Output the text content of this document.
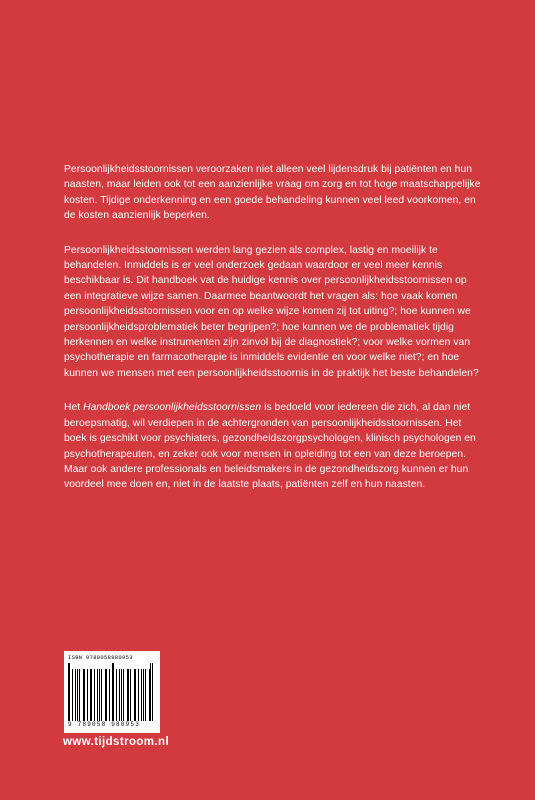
Persoonlijkheidsstoornissen veroorzaken niet alleen veel lijdensdruk bij patiënten en hun naasten, maar leiden ook tot een aanzienlijke vraag om zorg en tot hoge maatschappelijke kosten. Tijdige onderkenning en een goede behandeling kunnen veel leed voorkomen, en de kosten aanzienlijk beperken.

Persoonlijkheidsstoornissen werden lang gezien als complex, lastig en moeilijk te behandelen. Inmiddels is er veel onderzoek gedaan waardoor er veel meer kennis beschikbaar is. Dit handboek vat de huidige kennis over persoonlijkheidsstoornissen op een integratieve wijze samen. Daarmee beantwoordt het vragen als: hoe vaak komen persoonlijkheidsstoornissen voor en op welke wijze komen zij tot uiting?; hoe kunnen we persoonlijkheidsproblematiek beter begrijpen?; hoe kunnen we de problematiek tijdig herkennen en welke instrumenten zijn zinvol bij de diagnostiek?; voor welke vormen van psychotherapie en farmacotherapie is inmiddels evidentie en voor welke niet?; en hoe kunnen we mensen met een persoonlijkheidsstoornis in de praktijk het beste behandelen?

Het Handboek persoonlijkheidsstoornissen is bedoeld voor iedereen die zich, al dan niet beroepsmatig, wil verdiepen in de achtergronden van persoonlijkheidsstoornissen. Het boek is geschikt voor psychiaters, gezondheidszorgpsychologen, klinisch psychologen en psychotherapeuten, en zeker ook voor mensen in opleiding tot een van deze beroepen. Maar ook andere professionals en beleidsmakers in de gezondheidszorg kunnen er hun voordeel mee doen en, niet in de laatste plaats, patiënten zelf en hun naasten.

ISBN 9789058980953
9 789058 980953
www.tijdstroom.nl
